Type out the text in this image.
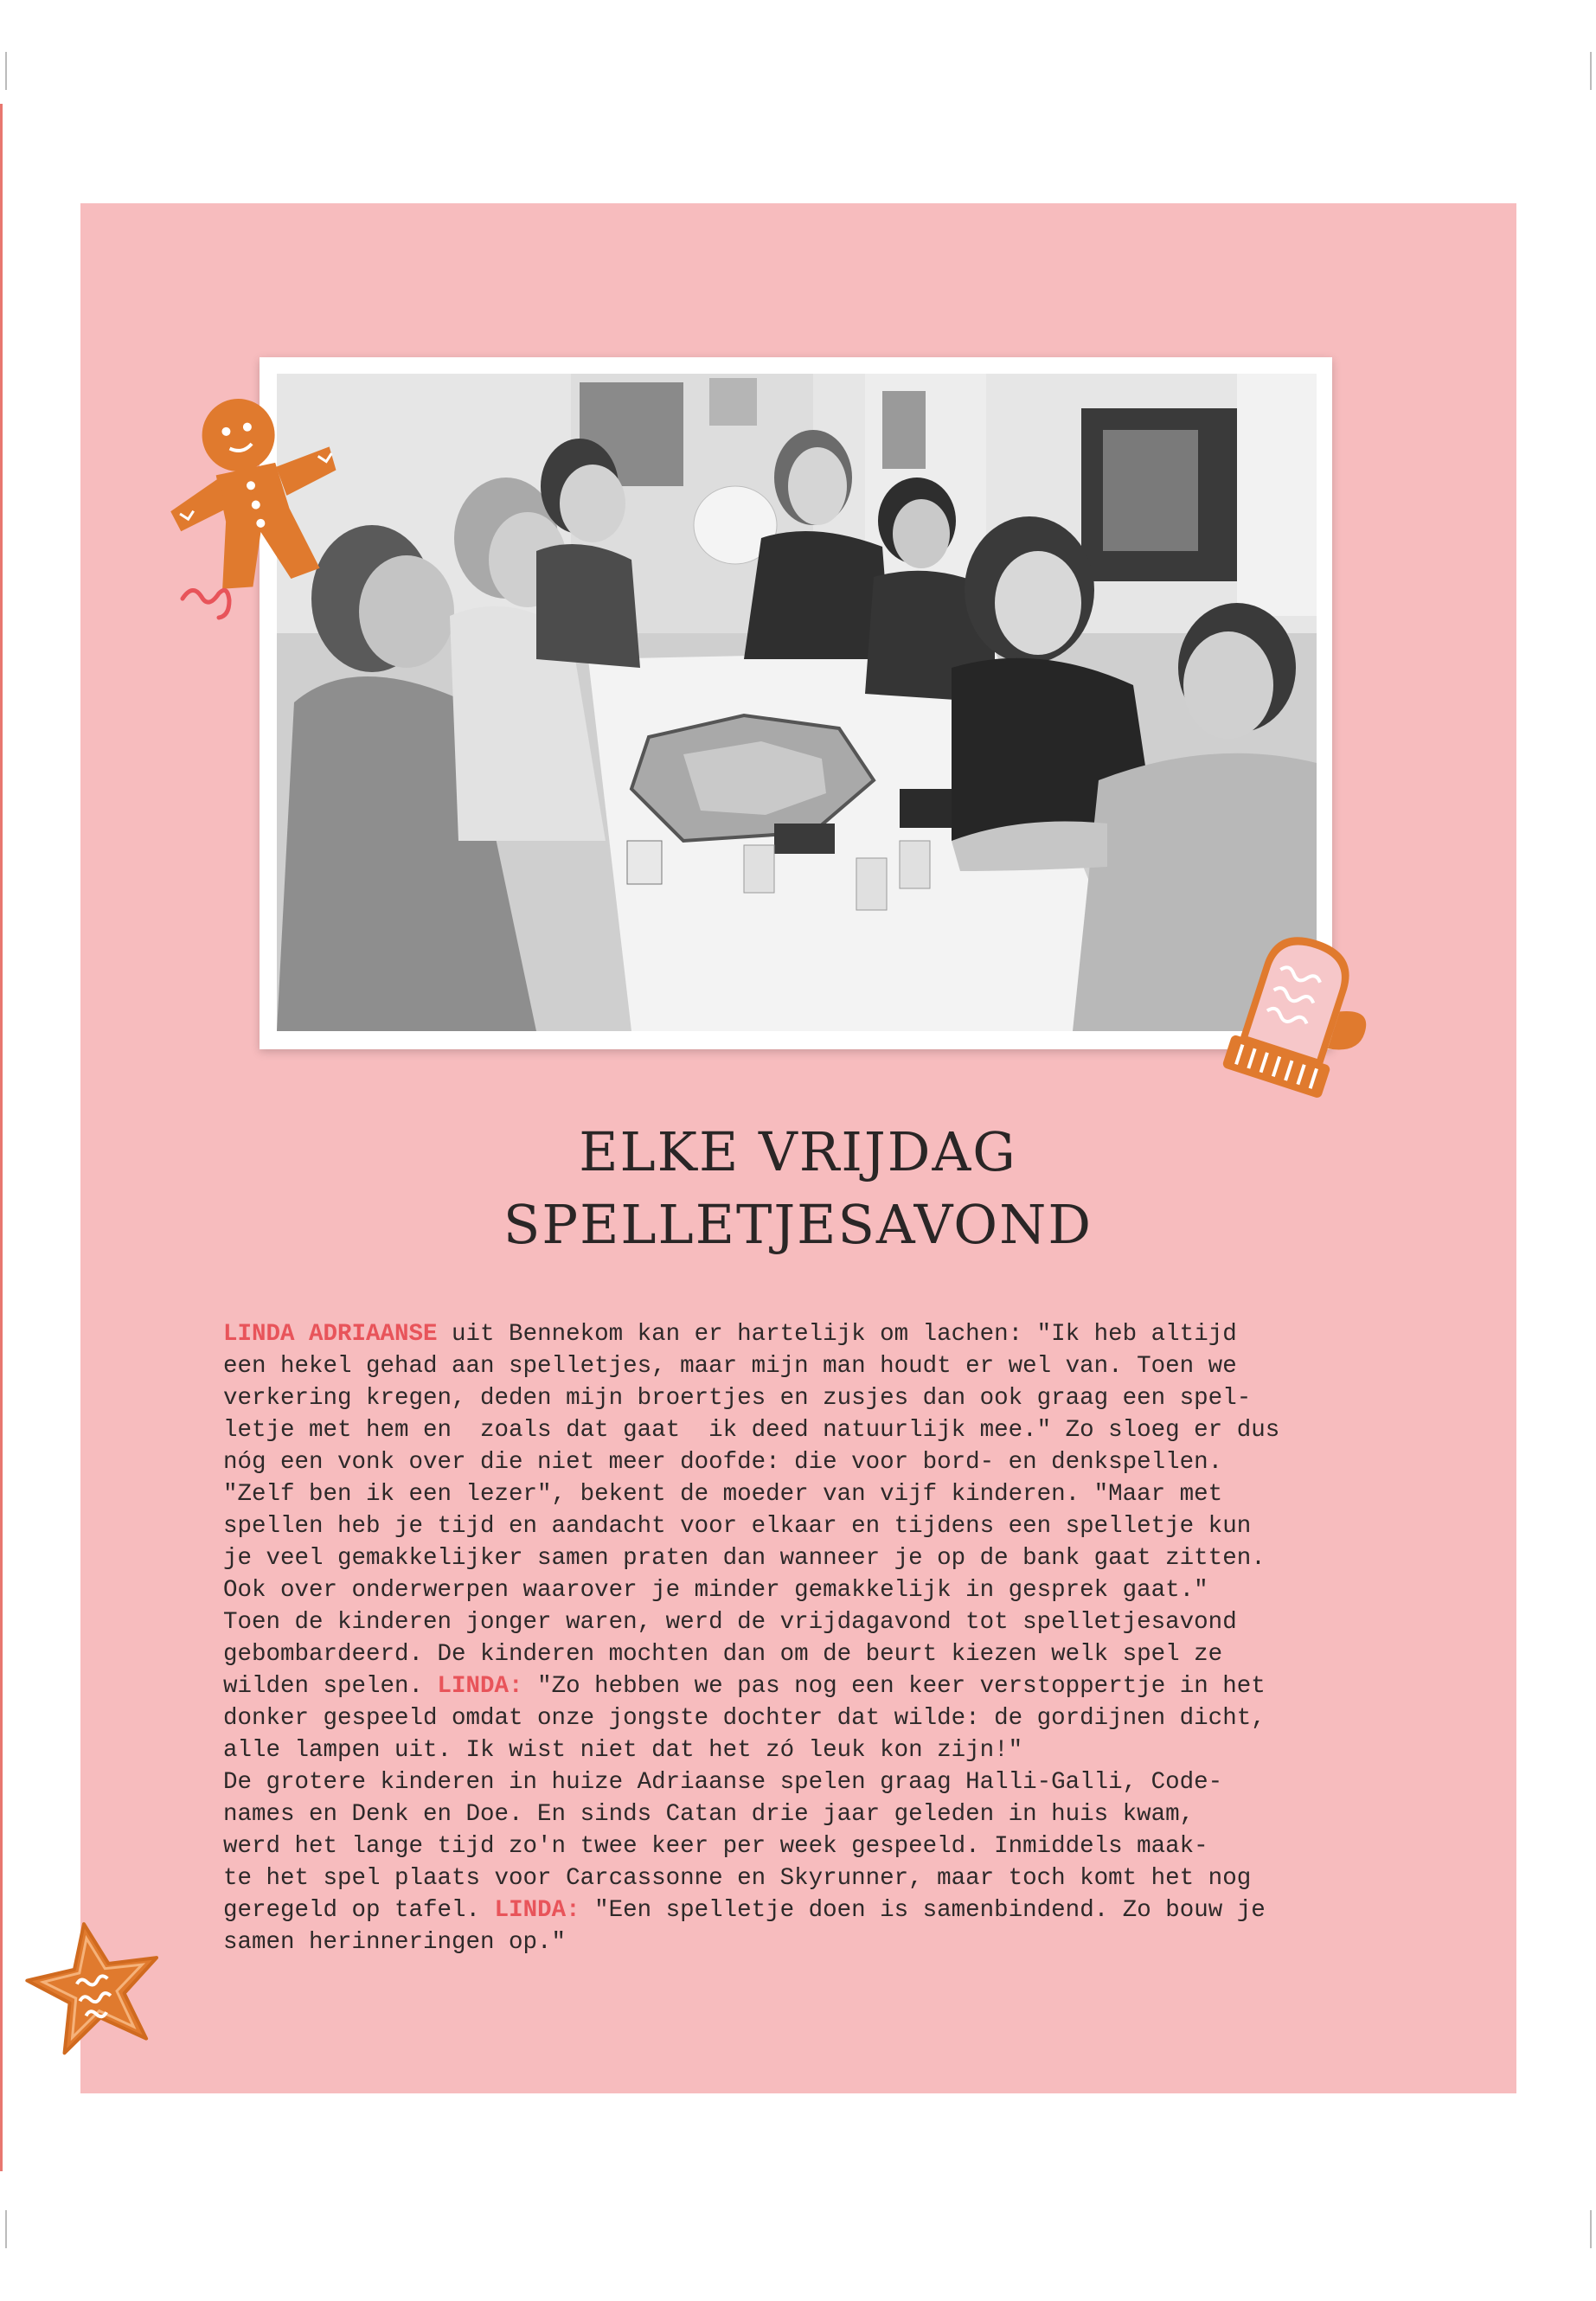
ELKE VRIJDAG
SPELLETJESAVOND
LINDA ADRIAANSE uit Bennekom kan er hartelijk om lachen: "Ik heb altijd
een hekel gehad aan spelletjes, maar mijn man houdt er wel van. Toen we
verkering kregen, deden mijn broertjes en zusjes dan ook graag een spel-
letje met hem en  zoals dat gaat  ik deed natuurlijk mee." Zo sloeg er dus
nóg een vonk over die niet meer doofde: die voor bord- en denkspellen.
"Zelf ben ik een lezer", bekent de moeder van vijf kinderen. "Maar met
spellen heb je tijd en aandacht voor elkaar en tijdens een spelletje kun
je veel gemakkelijker samen praten dan wanneer je op de bank gaat zitten.
Ook over onderwerpen waarover je minder gemakkelijk in gesprek gaat."
Toen de kinderen jonger waren, werd de vrijdagavond tot spelletjesavond
gebombardeerd. De kinderen mochten dan om de beurt kiezen welk spel ze
wilden spelen. LINDA: "Zo hebben we pas nog een keer verstoppertje in het
donker gespeeld omdat onze jongste dochter dat wilde: de gordijnen dicht,
alle lampen uit. Ik wist niet dat het zó leuk kon zijn!"
De grotere kinderen in huize Adriaanse spelen graag Halli-Galli, Code-
names en Denk en Doe. En sinds Catan drie jaar geleden in huis kwam,
werd het lange tijd zo'n twee keer per week gespeeld. Inmiddels maak-
te het spel plaats voor Carcassonne en Skyrunner, maar toch komt het nog
geregeld op tafel. LINDA: "Een spelletje doen is samenbindend. Zo bouw je
samen herinneringen op."
